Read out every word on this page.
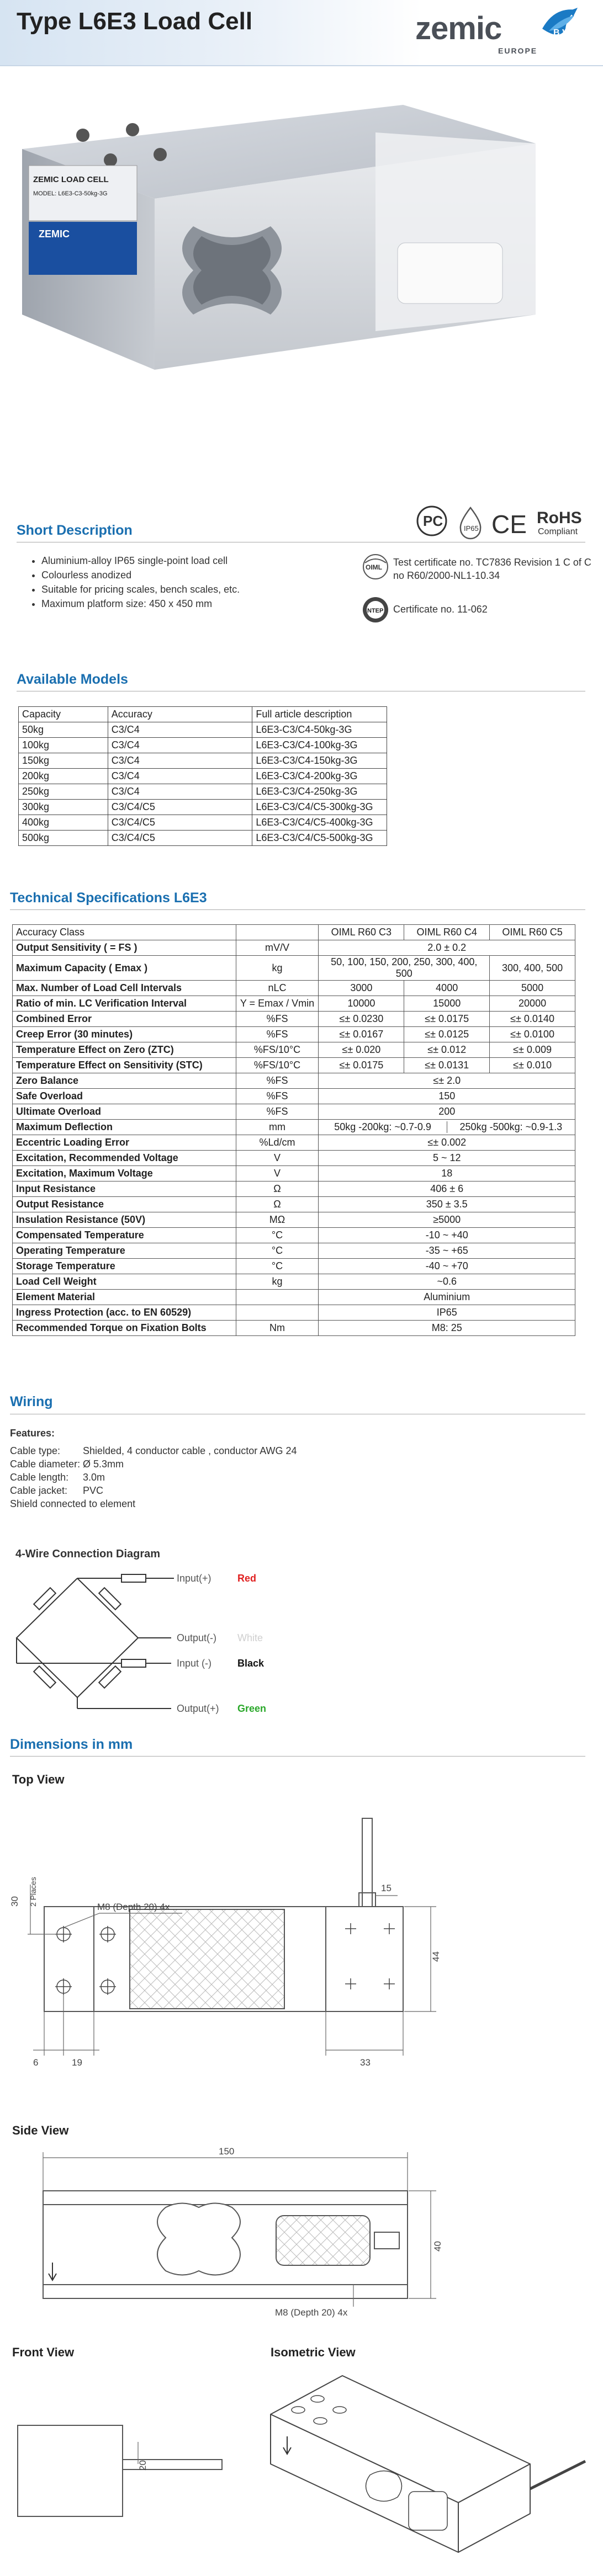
Type L6E3 Load Cell	zemic
EUROPE
B.V.
ZEMIC
ZEMIC LOAD CELL
MODEL: L6E3-C3-50kg-3G
Short Description
PC	IP65 CE RoHS
Compliant
• Aluminium-alloy IP65 single-point load cell
• Colourless anodized
• Suitable for pricing scales, bench scales, etc.
• Maximum platform size: 450 x 450 mm
OIML Test certificate no. TC7836 Revision 1 C of C no R60/2000-NL1-10.34
NTEP Certificate no. 11-062
Available Models
Capacity	Accuracy	Full article description
50kg	C3/C4	L6E3-C3/C4-50kg-3G
100kg	C3/C4	L6E3-C3/C4-100kg-3G
150kg	C3/C4	L6E3-C3/C4-150kg-3G
200kg	C3/C4	L6E3-C3/C4-200kg-3G
250kg	C3/C4	L6E3-C3/C4-250kg-3G
300kg	C3/C4/C5	L6E3-C3/C4/C5-300kg-3G
400kg	C3/C4/C5	L6E3-C3/C4/C5-400kg-3G
500kg	C3/C4/C5	L6E3-C3/C4/C5-500kg-3G
Technical Specifications L6E3
Accuracy Class		OIML R60 C3	OIML R60 C4	OIML R60 C5
Output Sensitivity ( = FS )	mV/V	2.0 ± 0.2		
Maximum Capacity ( Emax )	kg	50, 100, 150, 200, 250, 300, 400, 500		300, 400, 500
Max. Number of Load Cell Intervals	nLC	3000	4000	5000
Ratio of min. LC Verification Interval	Y = Emax / Vmin	10000	15000	20000
Combined Error	%FS	≤± 0.0230	≤± 0.0175	≤± 0.0140
Creep Error (30 minutes)	%FS	≤± 0.0167	≤± 0.0125	≤± 0.0100
Temperature Effect on Zero (ZTC)	%FS/10°C	≤± 0.020	≤± 0.012	≤± 0.009
Temperature Effect on Sensitivity (STC)	%FS/10°C	≤± 0.0175	≤± 0.0131	≤± 0.010
Zero Balance	%FS	≤± 2.0		
Safe Overload	%FS	150		
Ultimate Overload	%FS	200		
Maximum Deflection	mm	50kg -200kg: ~0.7-0.9 250kg -500kg: ~0.9-1.3		

Eccentric Loading Error	%Ld/cm	≤± 0.002		
Excitation, Recommended Voltage	V	5 ~ 12		
Excitation, Maximum Voltage	V	18		
Input Resistance	Ω	406 ± 6		
Output Resistance	Ω	350 ± 3.5		
Insulation Resistance (50V)	MΩ	≥5000		
Compensated Temperature	°C	-10 ~ +40		
Operating Temperature	°C	-35 ~ +65		
Storage Temperature	°C	-40 ~ +70		
Load Cell Weight	kg	~0.6		
Element Material		Aluminium		
Ingress Protection (acc. to EN 60529)		IP65		
Recommended Torque on Fixation Bolts	Nm	M8: 25		
Wiring
Features:
Cable type: Shielded, 4 conductor cable , conductor AWG 24
Cable diameter: Ø 5.3mm
Cable length: 3.0m
Cable jacket: PVC
Shield connected to element
4-Wire Connection Diagram
Input(+)	Red
Output(-) White
Input (-)	Black
Output(+) Green
Dimensions in mm
Top View
30 2 Places
M8 (Depth 20) 4x
15
44
6	19	33
Side View
150
40
M8 (Depth 20) 4x
Front View
20
Isometric View
